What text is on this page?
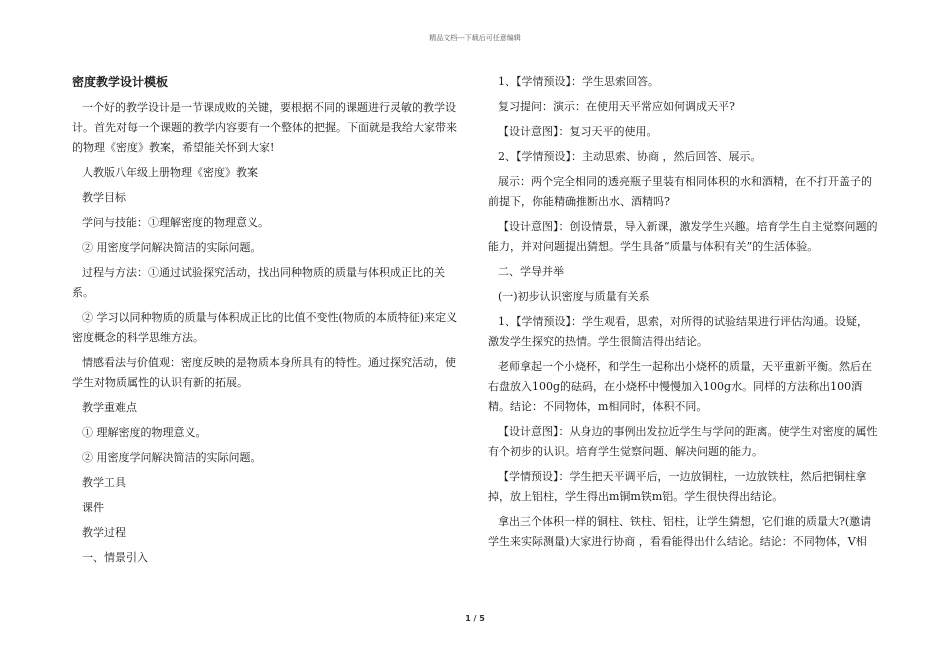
精品文档---下载后可任意编辑

密度教学设计模板

一个好的教学设计是一节课成败的关键，要根据不同的课题进行灵敏的教学设计。首先对每一个课题的教学内容要有一个整体的把握。下面就是我给大家带来的物理《密度》教案，希望能关怀到大家!

人教版八年级上册物理《密度》教案

教学目标

学问与技能：①理解密度的物理意义。

② 用密度学问解决简洁的实际问题。

过程与方法：①通过试验探究活动，找出同种物质的质量与体积成正比的关系。

② 学习以同种物质的质量与体积成正比的比值不变性(物质的本质特征)来定义密度概念的科学思维方法。

情感看法与价值观：密度反映的是物质本身所具有的特性。通过探究活动，使学生对物质属性的认识有新的拓展。

教学重难点

① 理解密度的物理意义。

② 用密度学问解决简洁的实际问题。

教学工具

课件

教学过程

一、情景引入

1、【学情预设】：学生思索回答。

复习提问：演示：在使用天平常应如何调成天平?

【设计意图】：复习天平的使用。

2、【学情预设】：主动思索、协商 ，然后回答、展示。

展示：两个完全相同的透亮瓶子里装有相同体积的水和酒精，在不打开盖子的前提下，你能精确推断出水、酒精吗?

【设计意图】：创设情景，导入新课，激发学生兴趣。培育学生自主觉察问题的能力，并对问题提出猜想。学生具备“质量与体积有关”的生活体验。

二、学导并举

(一)初步认识密度与质量有关系

1、【学情预设】：学生观看，思索，对所得的试验结果进行评估沟通。设疑，激发学生探究的热情。学生很简洁得出结论。

老师拿起一个小烧杯，和学生一起称出小烧杯的质量，天平重新平衡。然后在右盘放入100g的砝码，在小烧杯中慢慢加入100g水。同样的方法称出100酒精。结论：不同物体，m相同时，体积不同。

【设计意图】：从身边的事例出发拉近学生与学问的距离。使学生对密度的属性有个初步的认识。培育学生觉察问题、解决问题的能力。

【学情预设】：学生把天平调平后，一边放铜柱，一边放铁柱，然后把铜柱拿掉，放上铝柱，学生得出m铜m铁m铝。学生很快得出结论。

拿出三个体积一样的铜柱、铁柱、铝柱，让学生猜想，它们谁的质量大?(邀请学生来实际测量)大家进行协商 ，看看能得出什么结论。结论：不同物体，V相

1 / 5
